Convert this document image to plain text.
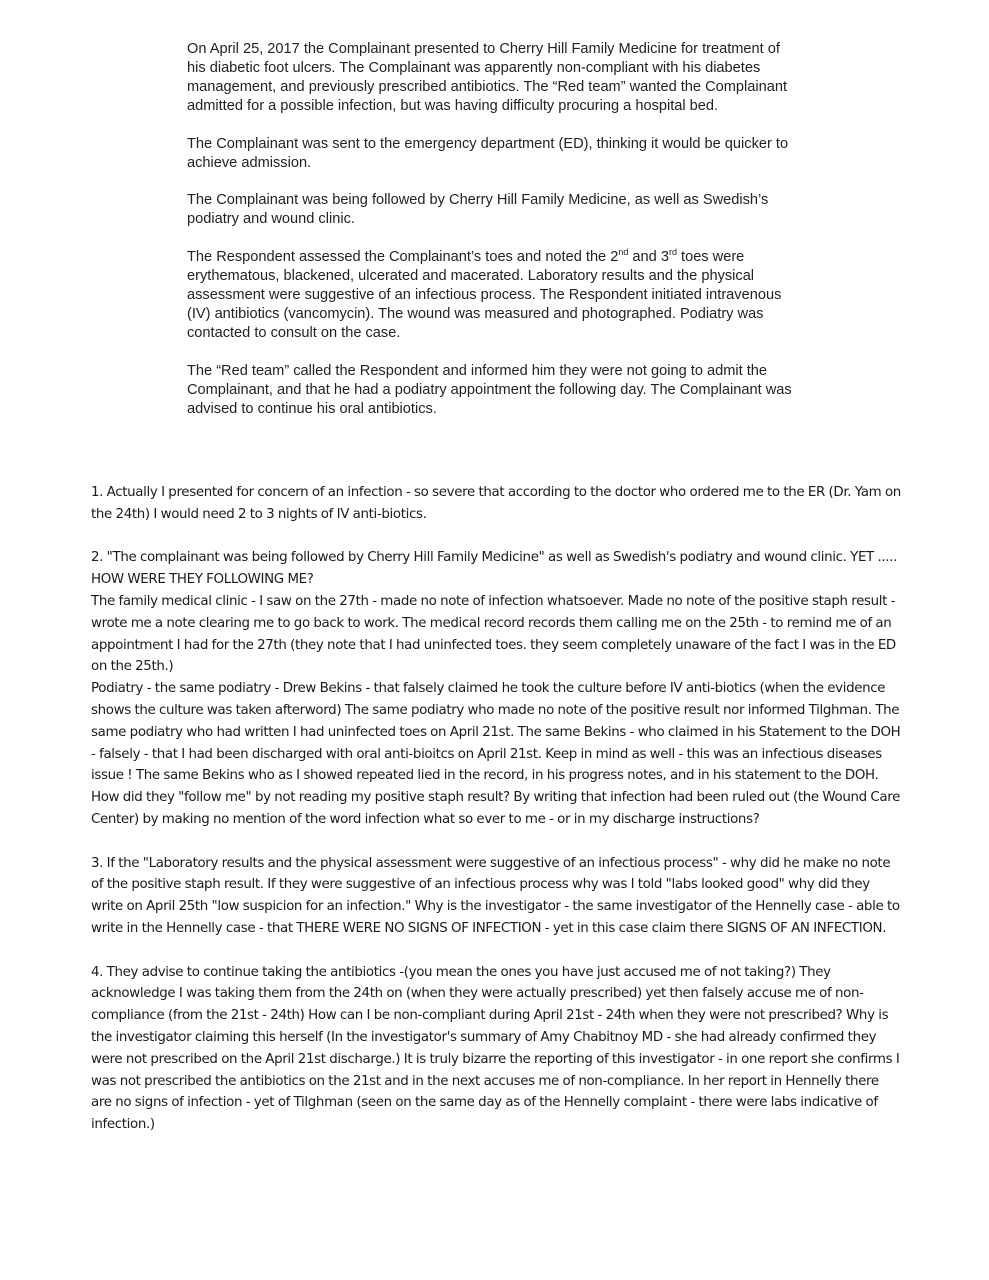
On April 25, 2017 the Complainant presented to Cherry Hill Family Medicine for treatment of his diabetic foot ulcers. The Complainant was apparently non-compliant with his diabetes management, and previously prescribed antibiotics. The “Red team” wanted the Complainant admitted for a possible infection, but was having difficulty procuring a hospital bed.

The Complainant was sent to the emergency department (ED), thinking it would be quicker to achieve admission.

The Complainant was being followed by Cherry Hill Family Medicine, as well as Swedish’s podiatry and wound clinic.

The Respondent assessed the Complainant’s toes and noted the 2nd and 3rd toes were erythematous, blackened, ulcerated and macerated. Laboratory results and the physical assessment were suggestive of an infectious process. The Respondent initiated intravenous (IV) antibiotics (vancomycin). The wound was measured and photographed. Podiatry was contacted to consult on the case.

The “Red team” called the Respondent and informed him they were not going to admit the Complainant, and that he had a podiatry appointment the following day. The Complainant was advised to continue his oral antibiotics.

1. Actually I presented for concern of an infection - so severe that according to the doctor who ordered me to the ER (Dr. Yam on the 24th) I would need 2 to 3 nights of IV anti-biotics.

2. "The complainant was being followed by Cherry Hill Family Medicine" as well as Swedish's podiatry and wound clinic. YET ..... HOW WERE THEY FOLLOWING ME?
The family medical clinic - I saw on the 27th - made no note of infection whatsoever. Made no note of the positive staph result - wrote me a note clearing me to go back to work. The medical record records them calling me on the 25th - to remind me of an appointment I had for the 27th (they note that I had uninfected toes. they seem completely unaware of the fact I was in the ED on the 25th.)
Podiatry - the same podiatry - Drew Bekins - that falsely claimed he took the culture before IV anti-biotics (when the evidence shows the culture was taken afterword) The same podiatry who made no note of the positive result nor informed Tilghman. The same podiatry who had written I had uninfected toes on April 21st. The same Bekins - who claimed in his Statement to the DOH - falsely - that I had been discharged with oral anti-bioitcs on April 21st. Keep in mind as well - this was an infectious diseases issue ! The same Bekins who as I showed repeated lied in the record, in his progress notes, and in his statement to the DOH. How did they "follow me" by not reading my positive staph result? By writing that infection had been ruled out (the Wound Care Center) by making no mention of the word infection what so ever to me - or in my discharge instructions?

3. If the "Laboratory results and the physical assessment were suggestive of an infectious process" - why did he make no note of the positive staph result. If they were suggestive of an infectious process why was I told "labs looked good" why did they write on April 25th "low suspicion for an infection." Why is the investigator - the same investigator of the Hennelly case - able to write in the Hennelly case - that THERE WERE NO SIGNS OF INFECTION - yet in this case claim there SIGNS OF AN INFECTION.

4. They advise to continue taking the antibiotics -(you mean the ones you have just accused me of not taking?) They acknowledge I was taking them from the 24th on (when they were actually prescribed) yet then falsely accuse me of non-compliance (from the 21st - 24th) How can I be non-compliant during April 21st - 24th when they were not prescribed? Why is the investigator claiming this herself (In the investigator's summary of Amy Chabitnoy MD - she had already confirmed they were not prescribed on the April 21st discharge.) It is truly bizarre the reporting of this investigator - in one report she confirms I was not prescribed the antibiotics on the 21st and in the next accuses me of non-compliance. In her report in Hennelly there are no signs of infection - yet of Tilghman (seen on the same day as of the Hennelly complaint - there were labs indicative of infection.)
